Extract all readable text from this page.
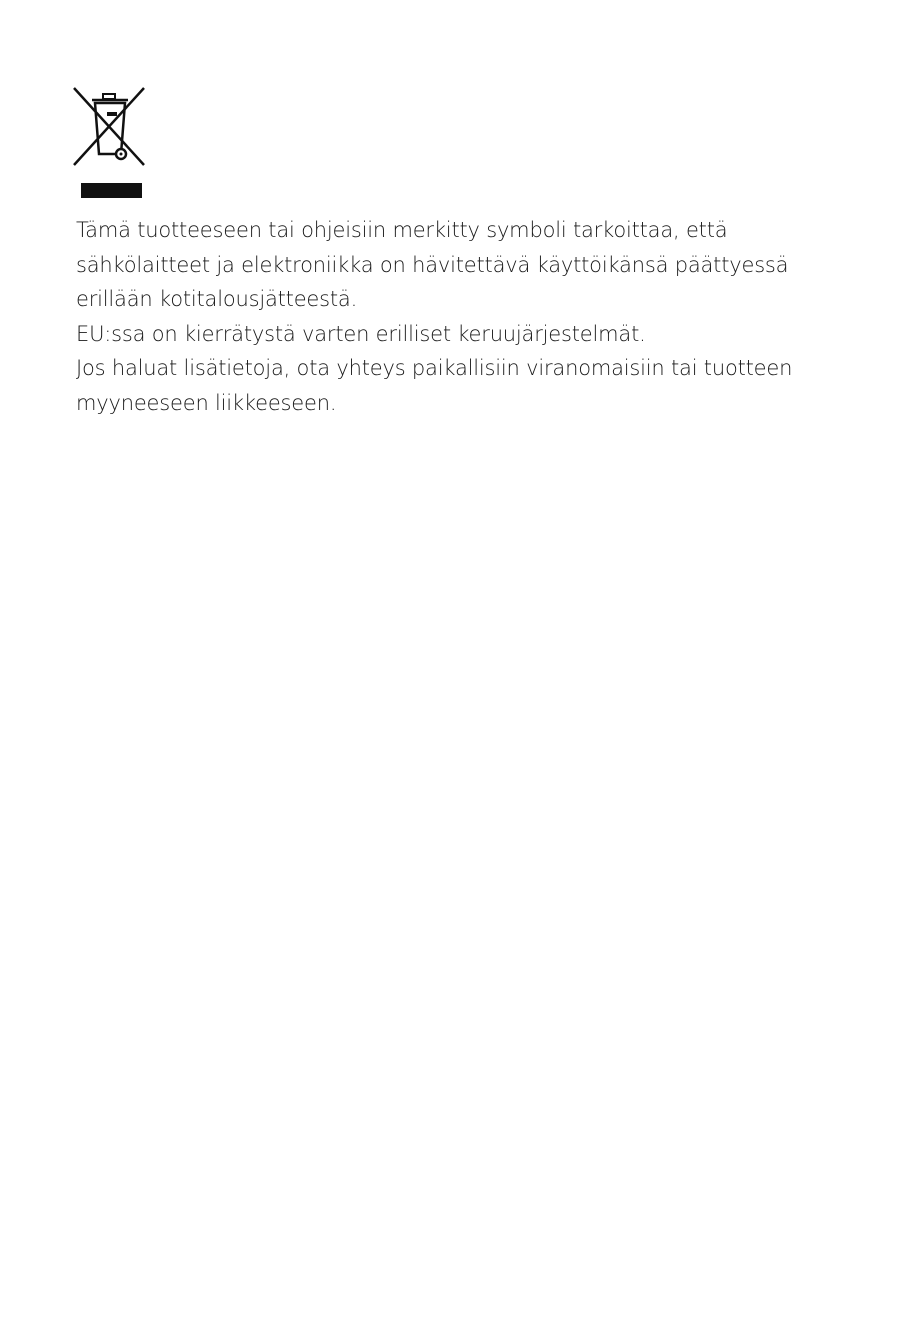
Tämä tuotteeseen tai ohjeisiin merkitty symboli tarkoittaa, että
sähkölaitteet ja elektroniikka on hävitettävä käyttöikänsä päättyessä
erillään kotitalousjätteestä.
EU:ssa on kierrätystä varten erilliset keruujärjestelmät.
Jos haluat lisätietoja, ota yhteys paikallisiin viranomaisiin tai tuotteen
myyneeseen liikkeeseen.
